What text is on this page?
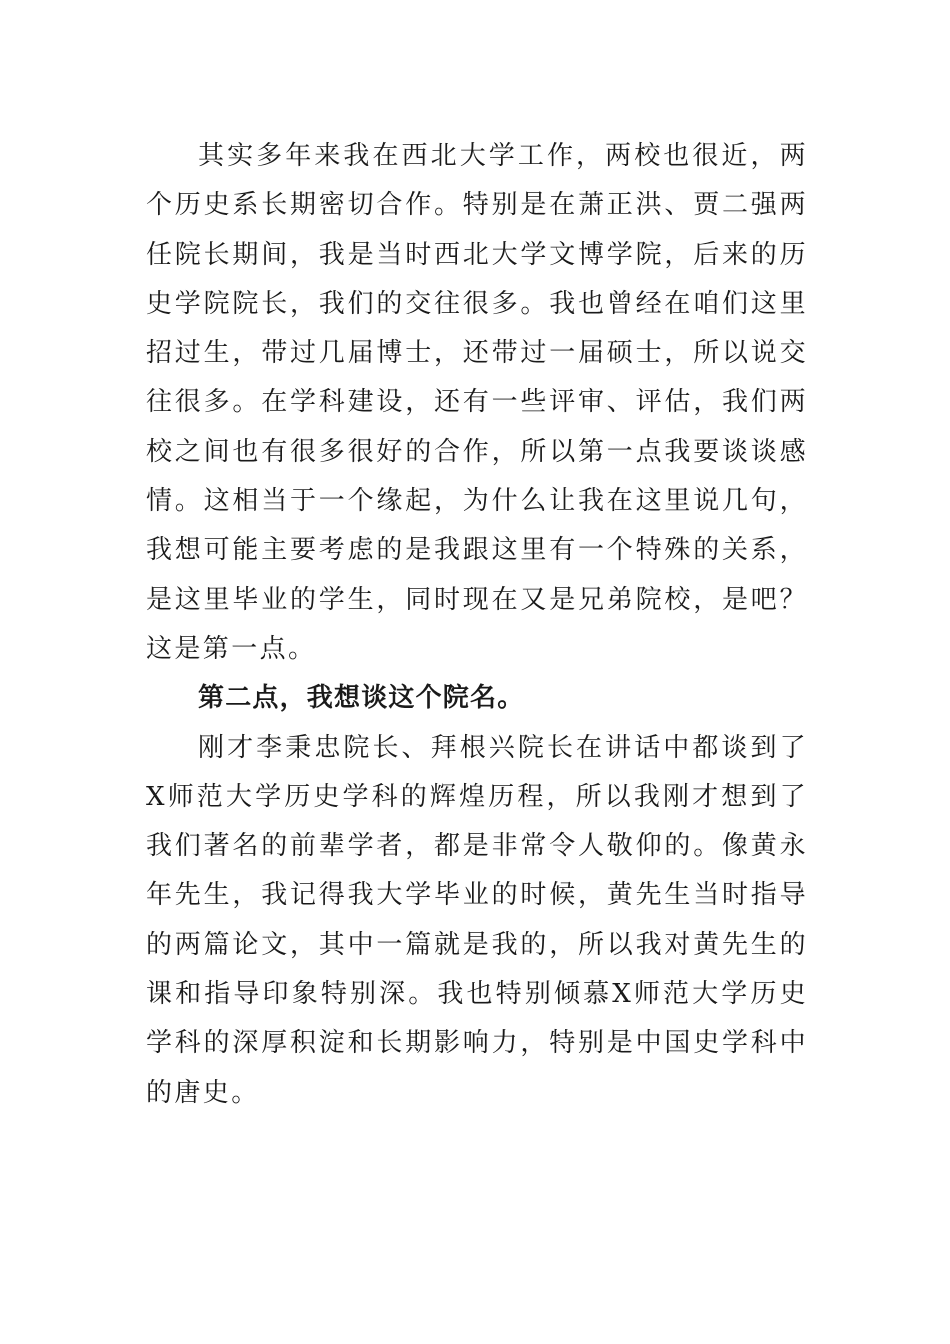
其实多年来我在西北大学工作，两校也很近，两个历史系长期密切合作。特别是在萧正洪、贾二强两任院长期间，我是当时西北大学文博学院，后来的历史学院院长，我们的交往很多。我也曾经在咱们这里招过生，带过几届博士，还带过一届硕士，所以说交往很多。在学科建设，还有一些评审、评估，我们两校之间也有很多很好的合作，所以第一点我要谈谈感情。这相当于一个缘起，为什么让我在这里说几句，我想可能主要考虑的是我跟这里有一个特殊的关系，是这里毕业的学生，同时现在又是兄弟院校，是吧？这是第一点。

第二点，我想谈这个院名。

刚才李秉忠院长、拜根兴院长在讲话中都谈到了X师范大学历史学科的辉煌历程，所以我刚才想到了我们著名的前辈学者，都是非常令人敬仰的。像黄永年先生，我记得我大学毕业的时候，黄先生当时指导的两篇论文，其中一篇就是我的，所以我对黄先生的课和指导印象特别深。我也特别倾慕X师范大学历史学科的深厚积淀和长期影响力，特别是中国史学科中的唐史。
